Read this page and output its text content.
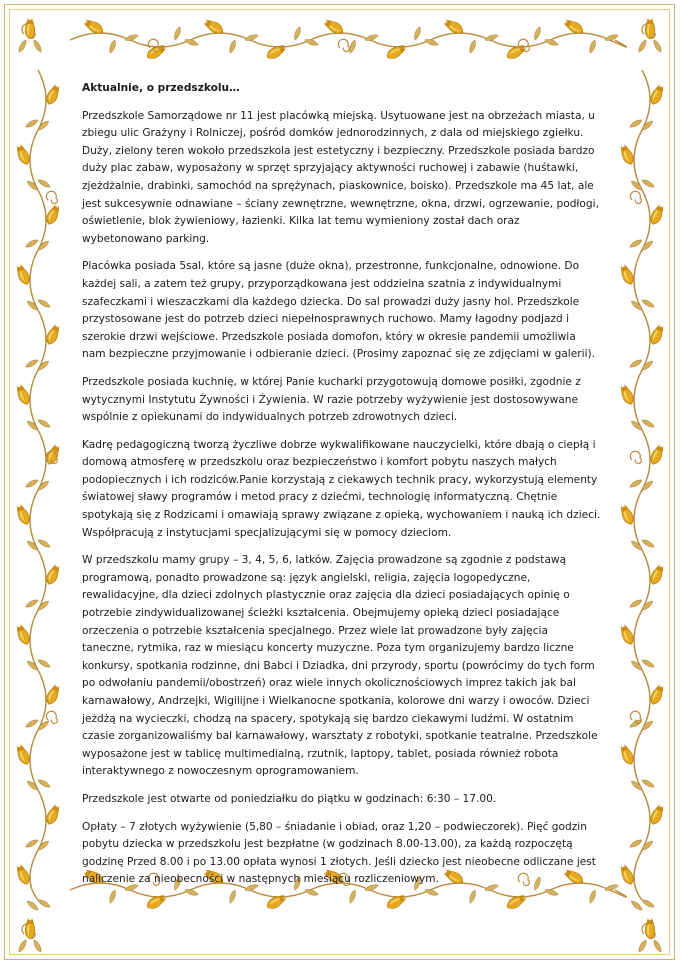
Aktualnie, o przedszkolu…

Przedszkole Samorządowe nr 11 jest placówką miejską. Usytuowane jest na obrzeżach miasta, u zbiegu ulic Grażyny i Rolniczej, pośród domków jednorodzinnych, z dala od miejskiego zgiełku. Duży, zielony teren wokoło przedszkola jest estetyczny i bezpieczny. Przedszkole posiada bardzo duży plac zabaw, wyposażony w sprzęt sprzyjający aktywności ruchowej i zabawie (huśtawki, zjeżdżalnie, drabinki, samochód na sprężynach, piaskownice, boisko). Przedszkole ma 45 lat, ale jest sukcesywnie odnawiane – ściany zewnętrzne, wewnętrzne, okna, drzwi, ogrzewanie, podłogi, oświetlenie, blok żywieniowy, łazienki. Kilka lat temu wymieniony został dach oraz wybetonowano parking.

Placówka posiada 5sal, które są jasne (duże okna), przestronne, funkcjonalne, odnowione. Do każdej sali, a zatem też grupy, przyporządkowana jest oddzielna szatnia z indywidualnymi szafeczkami i wieszaczkami dla każdego dziecka. Do sal prowadzi duży jasny hol. Przedszkole przystosowane jest do potrzeb dzieci niepełnosprawnych ruchowo. Mamy łagodny podjazd i szerokie drzwi wejściowe. Przedszkole posiada domofon, który w okresie pandemii umożliwia nam bezpieczne przyjmowanie i odbieranie dzieci. (Prosimy zapoznać się ze zdjęciami w galerii).

Przedszkole posiada kuchnię, w której Panie kucharki przygotowują domowe posiłki, zgodnie z wytycznymi Instytutu Żywności i Żywienia. W razie potrzeby wyżywienie jest dostosowywane wspólnie z opiekunami do indywidualnych potrzeb zdrowotnych dzieci.

Kadrę pedagogiczną tworzą życzliwe dobrze wykwalifikowane nauczycielki, które dbają o ciepłą i domową atmosferę w przedszkolu oraz bezpieczeństwo i komfort pobytu naszych małych podopiecznych i ich rodziców.Panie korzystają z ciekawych technik pracy, wykorzystują elementy światowej sławy programów i metod pracy z dziećmi, technologię informatyczną. Chętnie spotykają się z Rodzicami i omawiają sprawy związane z opieką, wychowaniem i nauką ich dzieci. Współpracują z instytucjami specjalizującymi się w pomocy dzieciom.

W przedszkolu mamy grupy – 3, 4, 5, 6, latków. Zajęcia prowadzone są zgodnie z podstawą programową, ponadto prowadzone są: język angielski, religia, zajęcia logopedyczne, rewalidacyjne, dla dzieci zdolnych plastycznie oraz zajęcia dla dzieci posiadających opinię o potrzebie zindywidualizowanej ścieżki kształcenia. Obejmujemy opieką dzieci posiadające orzeczenia o potrzebie kształcenia specjalnego. Przez wiele lat prowadzone były zajęcia taneczne, rytmika, raz w miesiącu koncerty muzyczne. Poza tym organizujemy bardzo liczne konkursy, spotkania rodzinne, dni Babci i Dziadka, dni przyrody, sportu (powrócimy do tych form po odwołaniu pandemii/obostrzeń) oraz wiele innych okolicznościowych imprez takich jak bal karnawałowy, Andrzejki, Wigilijne i Wielkanocne spotkania, kolorowe dni warzy i owoców. Dzieci jeżdżą na wycieczki, chodzą na spacery, spotykają się bardzo ciekawymi ludźmi. W ostatnim czasie zorganizowaliśmy bal karnawałowy, warsztaty z robotyki, spotkanie teatralne. Przedszkole wyposażone jest w tablicę multimedialną, rzutnik, laptopy, tablet, posiada również robota interaktywnego z nowoczesnym oprogramowaniem.

Przedszkole jest otwarte od poniedziałku do piątku w godzinach: 6:30 – 17.00.

Opłaty – 7 złotych wyżywienie (5,80 – śniadanie i obiad, oraz 1,20 – podwieczorek). Pięć godzin pobytu dziecka w przedszkolu jest bezpłatne (w godzinach 8.00-13.00), za każdą rozpoczętą godzinę Przed 8.00 i po 13.00 opłata wynosi 1 złotych. Jeśli dziecko jest nieobecne odliczane jest naliczenie za nieobecności w następnych miesiącu rozliczeniowym.
